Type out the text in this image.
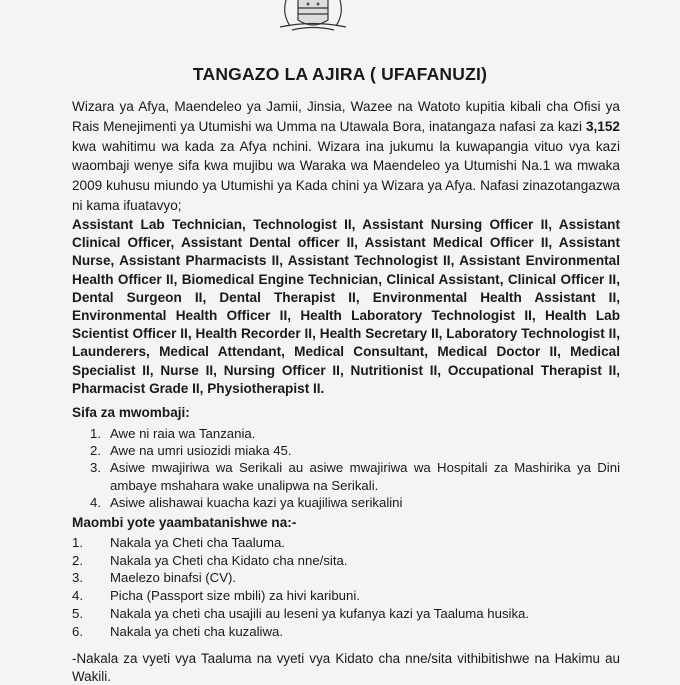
TANGAZO LA AJIRA ( UFAFANUZI)

Wizara ya Afya, Maendeleo ya Jamii, Jinsia, Wazee na Watoto kupitia kibali cha Ofisi ya Rais Menejimenti ya Utumishi wa Umma na Utawala Bora, inatangaza nafasi za kazi 3,152 kwa wahitimu wa kada za Afya nchini. Wizara ina jukumu la kuwapangia vituo vya kazi waombaji wenye sifa kwa mujibu wa Waraka wa Maendeleo ya Utumishi Na.1 wa mwaka 2009 kuhusu miundo ya Utumishi ya Kada chini ya Wizara ya Afya. Nafasi zinazotangazwa ni kama ifuatavyo;

Assistant Lab Technician, Technologist II, Assistant Nursing Officer II, Assistant Clinical Officer, Assistant Dental officer II, Assistant Medical Officer II, Assistant Nurse, Assistant Pharmacists II, Assistant Technologist II, Assistant Environmental Health Officer II, Biomedical Engine Technician, Clinical Assistant, Clinical Officer II, Dental Surgeon II, Dental Therapist II, Environmental Health Assistant II, Environmental Health Officer II, Health Laboratory Technologist II, Health Lab Scientist Officer II, Health Recorder II, Health Secretary II, Laboratory Technologist II, Launderers, Medical Attendant, Medical Consultant, Medical Doctor II, Medical Specialist II, Nurse II, Nursing Officer II, Nutritionist II, Occupational Therapist II, Pharmacist Grade II, Physiotherapist II.

Sifa za mwombaji:

1. Awe ni raia wa Tanzania.
2. Awe na umri usiozidi miaka 45.
3. Asiwe mwajiriwa wa Serikali au asiwe mwajiriwa wa Hospitali za Mashirika ya Dini ambaye mshahara wake unalipwa na Serikali.
4. Asiwe alishawai kuacha kazi ya kuajiliwa serikalini

Maombi yote yaambatanishwe na:-

1.	Nakala ya Cheti cha Taaluma.
2.	Nakala ya Cheti cha Kidato cha nne/sita.
3.	Maelezo binafsi (CV).
4.	Picha (Passport size mbili) za hivi karibuni.
5.	Nakala ya cheti cha usajili au leseni ya kufanya kazi ya Taaluma husika.
6.	Nakala ya cheti cha kuzaliwa.

-Nakala za vyeti vya Taaluma na vyeti vya Kidato cha nne/sita vithibitishwe na Hakimu au Wakili.
